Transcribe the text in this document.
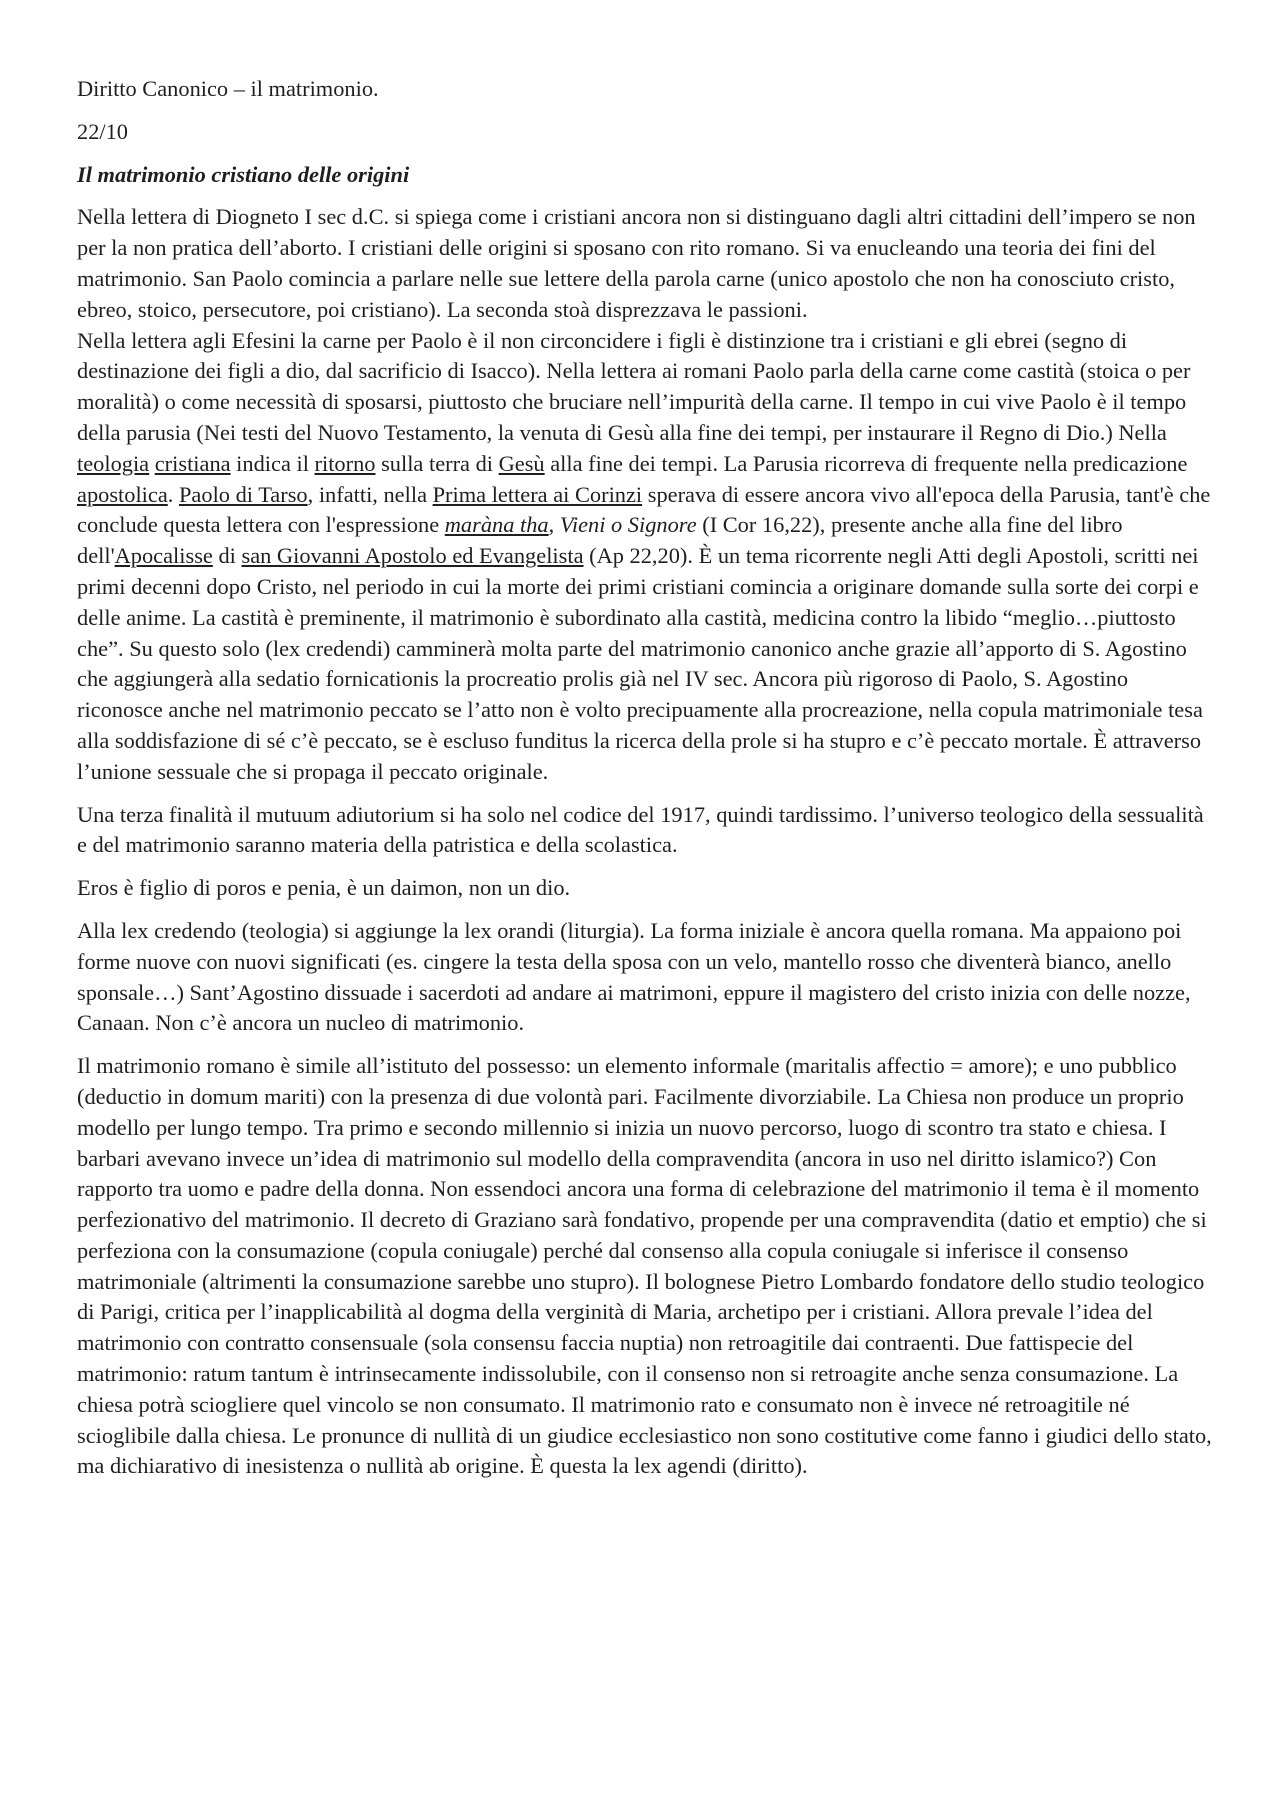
Diritto Canonico – il matrimonio.

22/10

Il matrimonio cristiano delle origini

Nella lettera di Diogneto I sec d.C. si spiega come i cristiani ancora non si distinguano dagli altri cittadini dell’impero se non per la non pratica dell’aborto. I cristiani delle origini si sposano con rito romano. Si va enucleando una teoria dei fini del matrimonio. San Paolo comincia a parlare nelle sue lettere della parola carne (unico apostolo che non ha conosciuto cristo, ebreo, stoico, persecutore, poi cristiano). La seconda stoà disprezzava le passioni.

Nella lettera agli Efesini la carne per Paolo è il non circoncidere i figli è distinzione tra i cristiani e gli ebrei (segno di destinazione dei figli a dio, dal sacrificio di Isacco). Nella lettera ai romani Paolo parla della carne come castità (stoica o per moralità) o come necessità di sposarsi, piuttosto che bruciare nell’impurità della carne. Il tempo in cui vive Paolo è il tempo della parusia (Nei testi del Nuovo Testamento, la venuta di Gesù alla fine dei tempi, per instaurare il Regno di Dio.) Nella teologia cristiana indica il ritorno sulla terra di Gesù alla fine dei tempi. La Parusia ricorreva di frequente nella predicazione apostolica. Paolo di Tarso, infatti, nella Prima lettera ai Corinzi sperava di essere ancora vivo all'epoca della Parusia, tant'è che conclude questa lettera con l'espressione marànа tha, Vieni o Signore (I Cor 16,22), presente anche alla fine del libro dell'Apocalisse di san Giovanni Apostolo ed Evangelista (Ap 22,20). È un tema ricorrente negli Atti degli Apostoli, scritti nei primi decenni dopo Cristo, nel periodo in cui la morte dei primi cristiani comincia a originare domande sulla sorte dei corpi e delle anime. La castità è preminente, il matrimonio è subordinato alla castità, medicina contro la libido “meglio…piuttosto che”. Su questo solo (lex credendi) camminerà molta parte del matrimonio canonico anche grazie all’apporto di S. Agostino che aggiungerà alla sedatio fornicationis la procreatio prolis già nel IV sec. Ancora più rigoroso di Paolo, S. Agostino riconosce anche nel matrimonio peccato se l’atto non è volto precipuamente alla procreazione, nella copula matrimoniale tesa alla soddisfazione di sé c’è peccato, se è escluso funditus la ricerca della prole si ha stupro e c’è peccato mortale. È attraverso l’unione sessuale che si propaga il peccato originale.

Una terza finalità il mutuum adiutorium si ha solo nel codice del 1917, quindi tardissimo. l’universo teologico della sessualità e del matrimonio saranno materia della patristica e della scolastica.

Eros è figlio di poros e penia, è un daimon, non un dio.

Alla lex credendo (teologia) si aggiunge la lex orandi (liturgia). La forma iniziale è ancora quella romana. Ma appaiono poi forme nuove con nuovi significati (es. cingere la testa della sposa con un velo, mantello rosso che diventerà bianco, anello sponsale…) Sant’Agostino dissuade i sacerdoti ad andare ai matrimoni, eppure il magistero del cristo inizia con delle nozze, Canaan. Non c’è ancora un nucleo di matrimonio.

Il matrimonio romano è simile all’istituto del possesso: un elemento informale (maritalis affectio = amore); e uno pubblico (deductio in domum mariti) con la presenza di due volontà pari. Facilmente divorziabile. La Chiesa non produce un proprio modello per lungo tempo. Tra primo e secondo millennio si inizia un nuovo percorso, luogo di scontro tra stato e chiesa. I barbari avevano invece un’idea di matrimonio sul modello della compravendita (ancora in uso nel diritto islamico?) Con rapporto tra uomo e padre della donna. Non essendoci ancora una forma di celebrazione del matrimonio il tema è il momento perfezionativo del matrimonio. Il decreto di Graziano sarà fondativo, propende per una compravendita (datio et emptio) che si perfeziona con la consumazione (copula coniugale) perché dal consenso alla copula coniugale si inferisce il consenso matrimoniale (altrimenti la consumazione sarebbe uno stupro). Il bolognese Pietro Lombardo fondatore dello studio teologico di Parigi, critica per l’inapplicabilità al dogma della verginità di Maria, archetipo per i cristiani. Allora prevale l’idea del matrimonio con contratto consensuale (sola consensu faccia nuptia) non retroagitile dai contraenti. Due fattispecie del matrimonio: ratum tantum è intrinsecamente indissolubile, con il consenso non si retroagite anche senza consumazione. La chiesa potrà sciogliere quel vincolo se non consumato. Il matrimonio rato e consumato non è invece né retroagitile né scioglibile dalla chiesa. Le pronunce di nullità di un giudice ecclesiastico non sono costitutive come fanno i giudici dello stato, ma dichiarativo di inesistenza o nullità ab origine. È questa la lex agendi (diritto).
